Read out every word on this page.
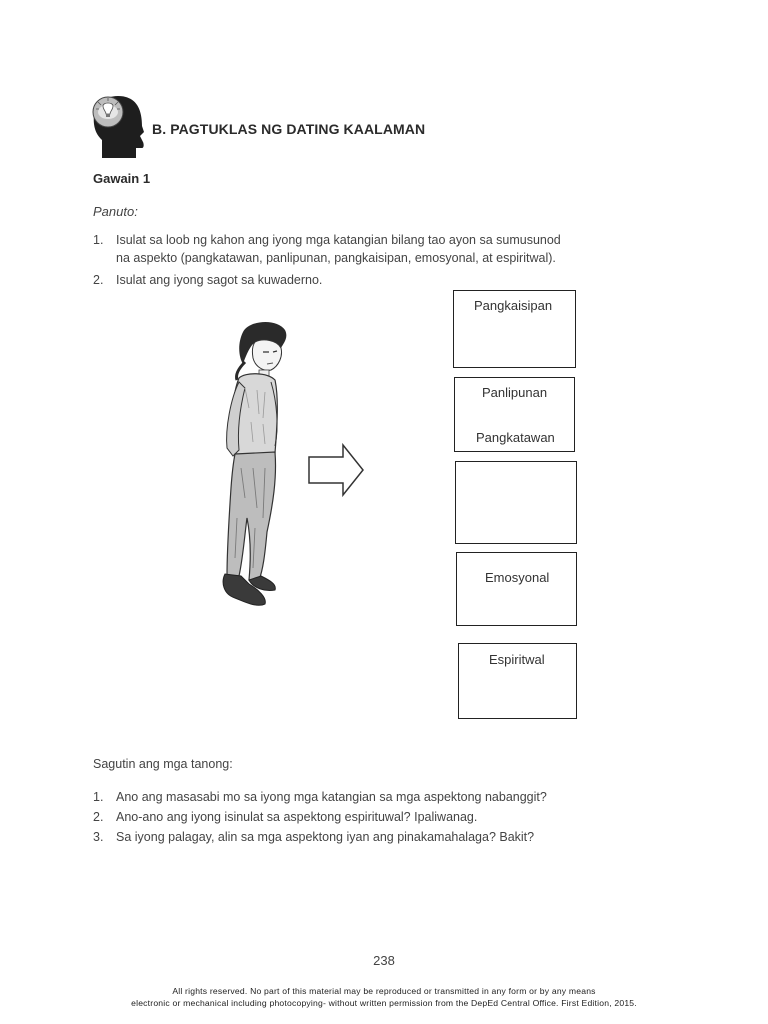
B. PAGTUKLAS NG DATING KAALAMAN
Gawain 1
Panuto:
1. Isulat sa loob ng kahon ang iyong mga katangian bilang tao ayon sa sumusunod
na aspekto (pangkatawan, panlipunan, pangkaisipan, emosyonal, at espiritwal).
2. Isulat ang iyong sagot sa kuwaderno.
Pangkaisipan
Panlipunan
Pangkatawan
Emosyonal
Espiritwal
Sagutin ang mga tanong:
1. Ano ang masasabi mo sa iyong mga katangian sa mga aspektong nabanggit?
2. Ano-ano ang iyong isinulat sa aspektong espirituwal? Ipaliwanag.
3. Sa iyong palagay, alin sa mga aspektong iyan ang pinakamahalaga? Bakit?
238
All rights reserved. No part of this material may be reproduced or transmitted in any form or by any means
electronic or mechanical including photocopying- without written permission from the DepEd Central Office. First Edition, 2015.
